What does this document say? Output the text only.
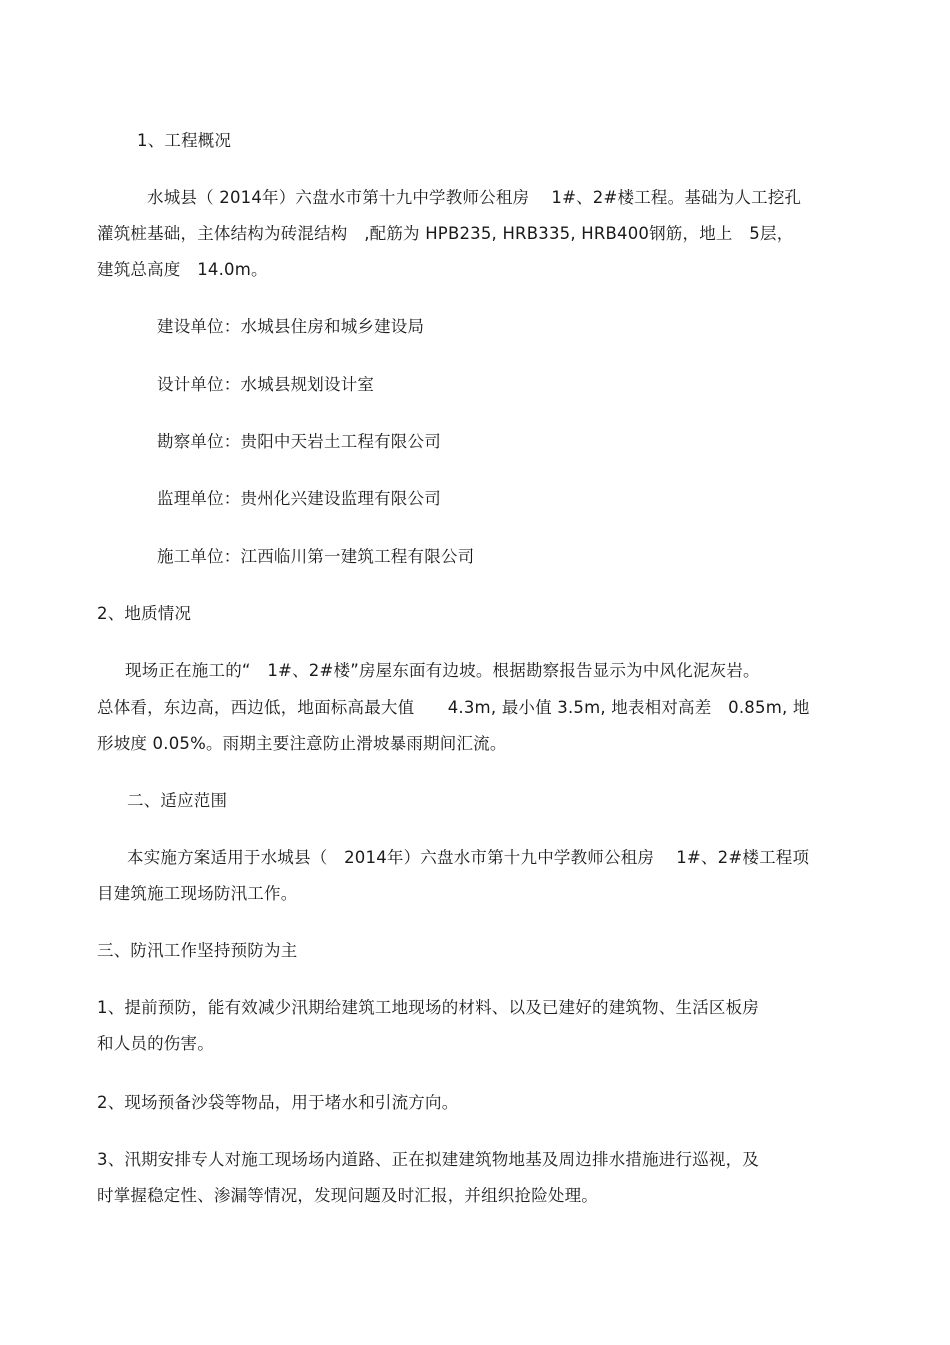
1、工程概况
水城县（ 2014年）六盘水市第十九中学教师公租房　 1#、2#楼工程。基础为人工挖孔
灌筑桩基础，主体结构为砖混结构　,配筋为 HPB235, HRB335, HRB400钢筋，地上　5层，
建筑总高度　14.0m。
建设单位：水城县住房和城乡建设局
设计单位：水城县规划设计室
勘察单位：贵阳中天岩土工程有限公司
监理单位：贵州化兴建设监理有限公司
施工单位：江西临川第一建筑工程有限公司
2、地质情况
现场正在施工的“　1#、2#楼”房屋东面有边坡。根据勘察报告显示为中风化泥灰岩。
总体看，东边高，西边低，地面标高最大值　　4.3m, 最小值 3.5m, 地表相对高差　0.85m, 地
形坡度 0.05%。雨期主要注意防止滑坡暴雨期间汇流。
二、适应范围
本实施方案适用于水城县（　2014年）六盘水市第十九中学教师公租房　 1#、2#楼工程项
目建筑施工现场防汛工作。
三、防汛工作坚持预防为主
1、提前预防，能有效减少汛期给建筑工地现场的材料、以及已建好的建筑物、生活区板房
和人员的伤害。
2、现场预备沙袋等物品，用于堵水和引流方向。
3、汛期安排专人对施工现场场内道路、正在拟建建筑物地基及周边排水措施进行巡视，及
时掌握稳定性、渗漏等情况，发现问题及时汇报，并组织抢险处理。
